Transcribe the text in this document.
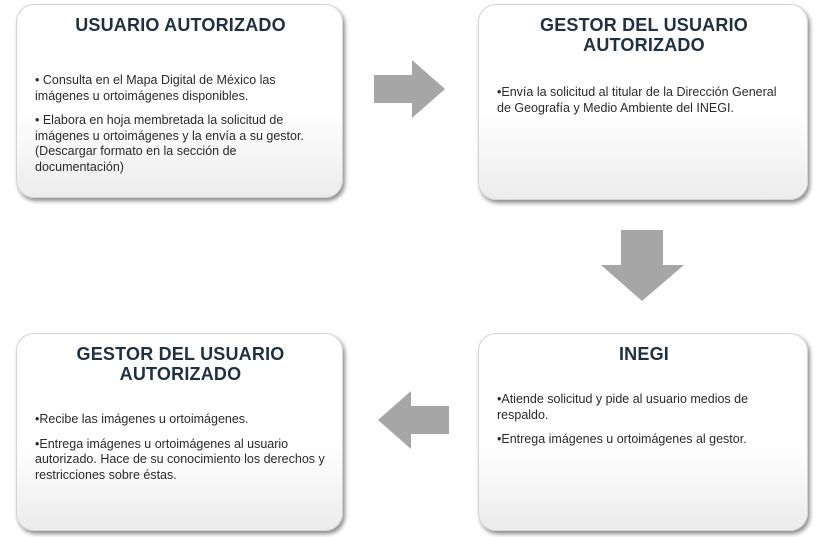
USUARIO AUTORIZADO

• Consulta en el Mapa Digital de México las imágenes u ortoimágenes disponibles.

• Elabora en hoja membretada la solicitud de imágenes u ortoimágenes y la envía a su gestor. (Descargar formato en la sección de documentación)

GESTOR DEL USUARIO
AUTORIZADO

•Envía la solicitud al titular de la Dirección General de Geografía y Medio Ambiente del INEGI.

INEGI

•Atiende solicitud y pide al usuario medios de respaldo.

•Entrega imágenes u ortoimágenes al gestor.

GESTOR DEL USUARIO
AUTORIZADO

•Recibe las imágenes u ortoimágenes.

•Entrega imágenes u ortoimágenes al usuario autorizado. Hace de su conocimiento los derechos y restricciones sobre éstas.
